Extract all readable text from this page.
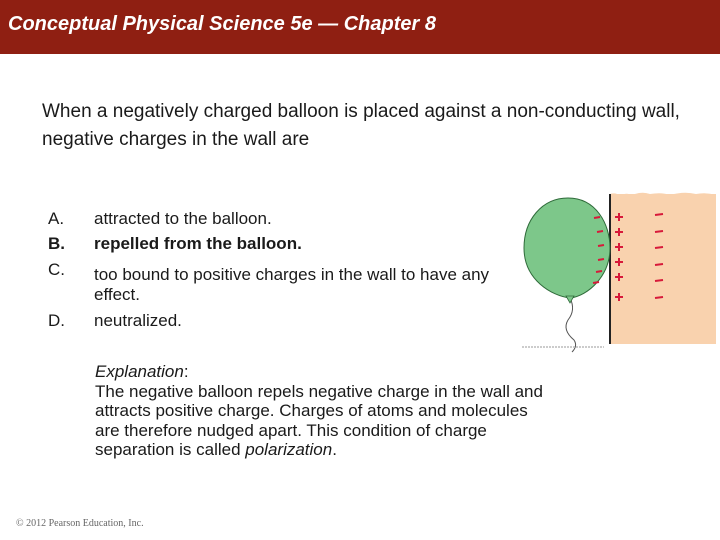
Conceptual Physical Science 5e — Chapter 8
When a negatively charged balloon is placed against a non-conducting wall, negative charges in the wall are
A.	attracted to the balloon.
B.	repelled from the balloon.
C.	too bound to positive charges in the wall to have any effect.
D.	neutralized.

Explanation:

The negative balloon repels negative charge in the wall and attracts positive charge. Charges of atoms and molecules are therefore nudged apart. This condition of charge separation is called polarization.

© 2012 Pearson Education, Inc.
